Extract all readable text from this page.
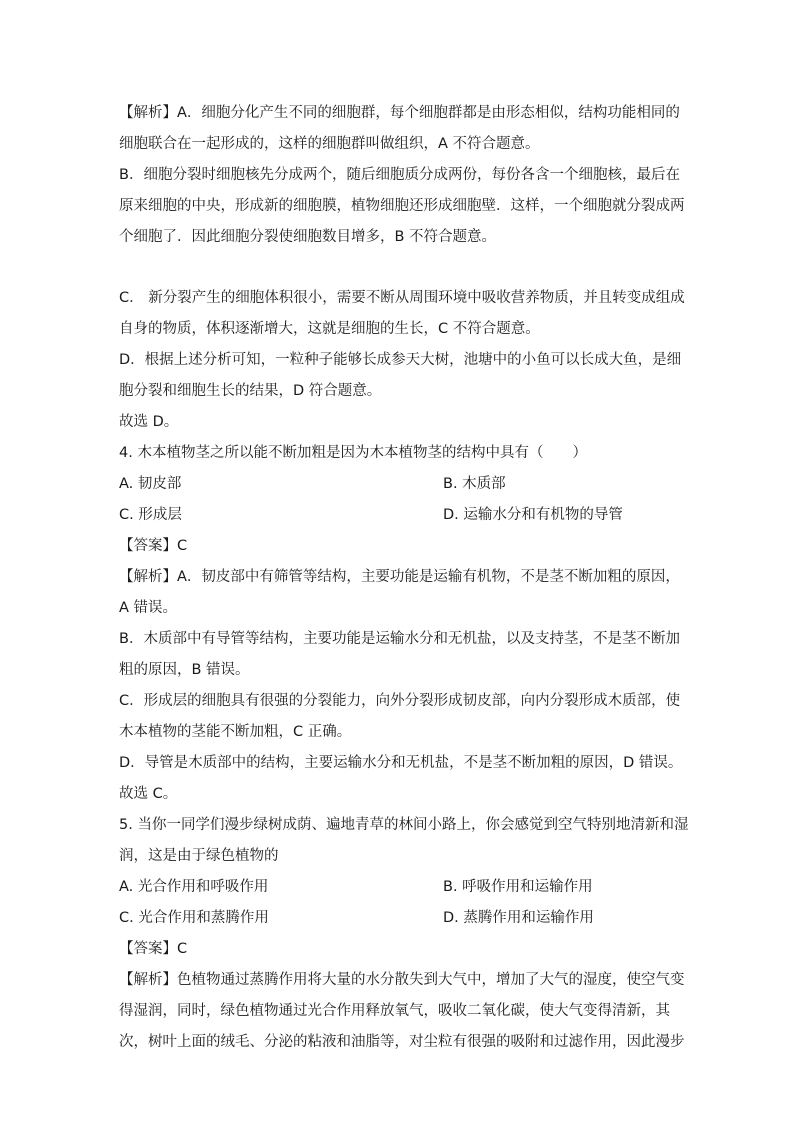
【解析】A．细胞分化产生不同的细胞群，每个细胞群都是由形态相似，结构功能相同的
细胞联合在一起形成的，这样的细胞群叫做组织，A 不符合题意。
B．细胞分裂时细胞核先分成两个，随后细胞质分成两份，每份各含一个细胞核，最后在
原来细胞的中央，形成新的细胞膜，植物细胞还形成细胞壁．这样，一个细胞就分裂成两
个细胞了．因此细胞分裂使细胞数目增多，B 不符合题意。
C． 新分裂产生的细胞体积很小，需要不断从周围环境中吸收营养物质，并且转变成组成
自身的物质，体积逐渐增大，这就是细胞的生长，C 不符合题意。
D．根据上述分析可知，一粒种子能够长成参天大树，池塘中的小鱼可以长成大鱼，是细
胞分裂和细胞生长的结果，D 符合题意。
故选 D。
4. 木本植物茎之所以能不断加粗是因为木本植物茎的结构中具有（　　）
A. 韧皮部	B. 木质部
C. 形成层	D. 运输水分和有机物的导管
【答案】C
【解析】A．韧皮部中有筛管等结构，主要功能是运输有机物，不是茎不断加粗的原因，
A 错误。
B．木质部中有导管等结构，主要功能是运输水分和无机盐，以及支持茎，不是茎不断加
粗的原因，B 错误。
C．形成层的细胞具有很强的分裂能力，向外分裂形成韧皮部，向内分裂形成木质部，使
木本植物的茎能不断加粗，C 正确。
D．导管是木质部中的结构，主要运输水分和无机盐，不是茎不断加粗的原因，D 错误。
故选 C。
5. 当你一同学们漫步绿树成荫、遍地青草的林间小路上，你会感觉到空气特别地清新和湿
润，这是由于绿色植物的
A. 光合作用和呼吸作用	B. 呼吸作用和运输作用
C. 光合作用和蒸腾作用	D. 蒸腾作用和运输作用
【答案】C
【解析】色植物通过蒸腾作用将大量的水分散失到大气中，增加了大气的湿度，使空气变
得湿润，同时，绿色植物通过光合作用释放氧气，吸收二氧化碳，使大气变得清新，其
次，树叶上面的绒毛、分泌的粘液和油脂等，对尘粒有很强的吸附和过滤作用，因此漫步
